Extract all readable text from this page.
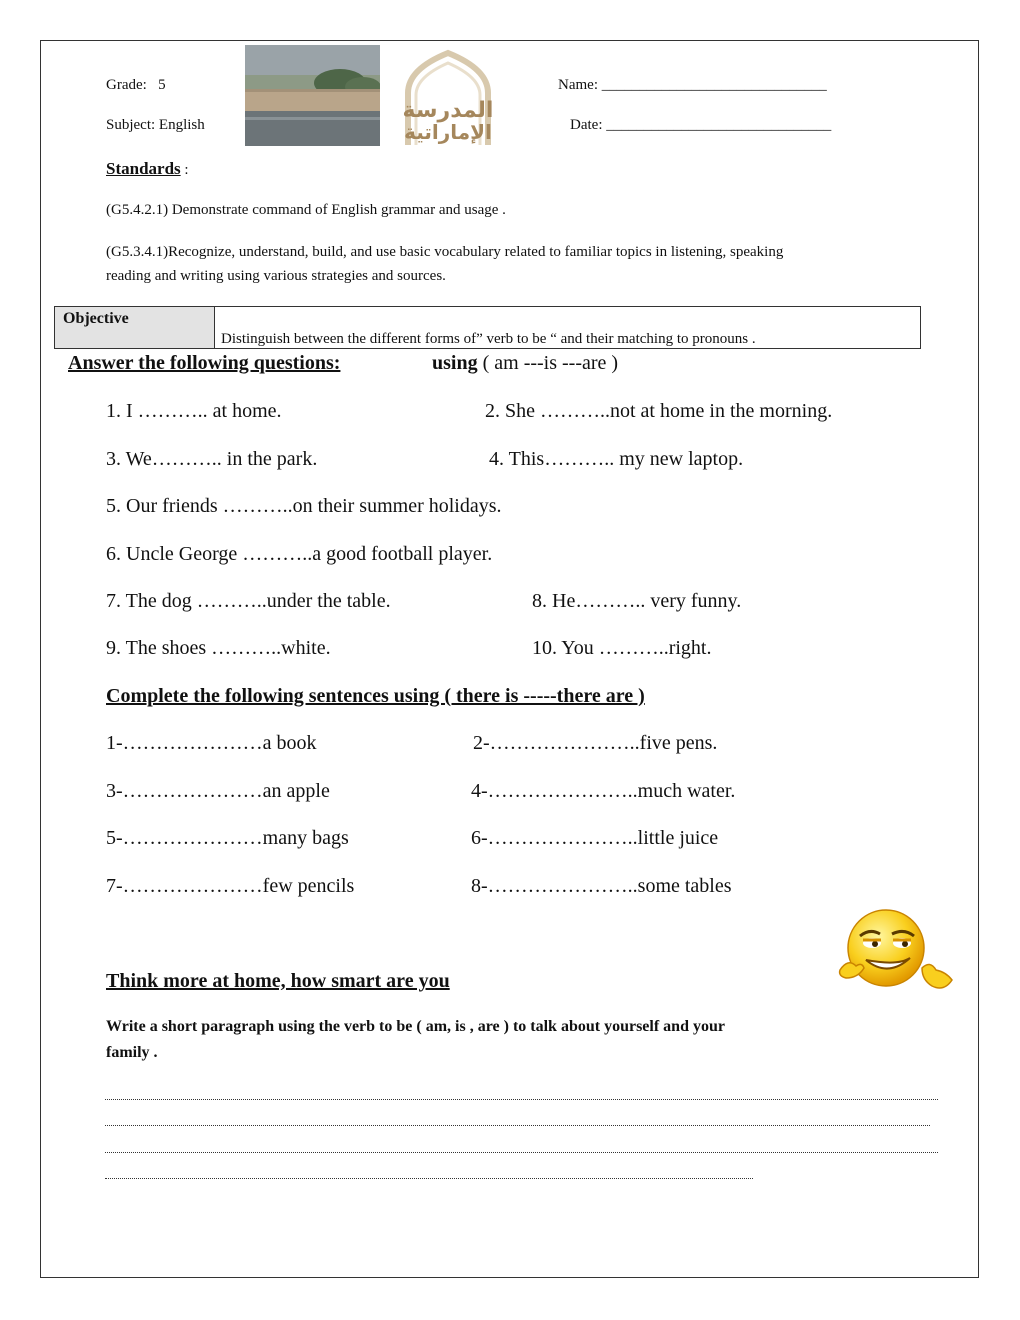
Grade: 5
Subject: English
المدرسة
الإماراتية
Name: ______________________________
Date: ______________________________
Standards :
(G5.4.2.1) Demonstrate command of English grammar and usage .
(G5.3.4.1)Recognize, understand, build, and use basic vocabulary related to familiar topics in listening, speaking
reading and writing using various strategies and sources.
Objective
Distinguish between the different forms of” verb to be “ and their matching to pronouns .
Answer the following questions:	using ( am ---is ---are )
1. I ……….. at home.	2. She ………..not at home in the morning.
3. We……….. in the park.	4. This……….. my new laptop.
5. Our friends ………..on their summer holidays.
6. Uncle George ………..a good football player.
7. The dog ………..under the table.	8. He……….. very funny.
9. The shoes ………..white.	10. You ………..right.
Complete the following sentences using ( there is -----there are )
1-…………………a book	2-…………………..five pens.
3-…………………an apple	4-…………………..much water.
5-…………………many bags	6-…………………..little juice
7-…………………few pencils	8-…………………..some tables
Think more at home, how smart are you
Write a short paragraph using the verb to be ( am, is , are ) to talk about yourself and your
family .
